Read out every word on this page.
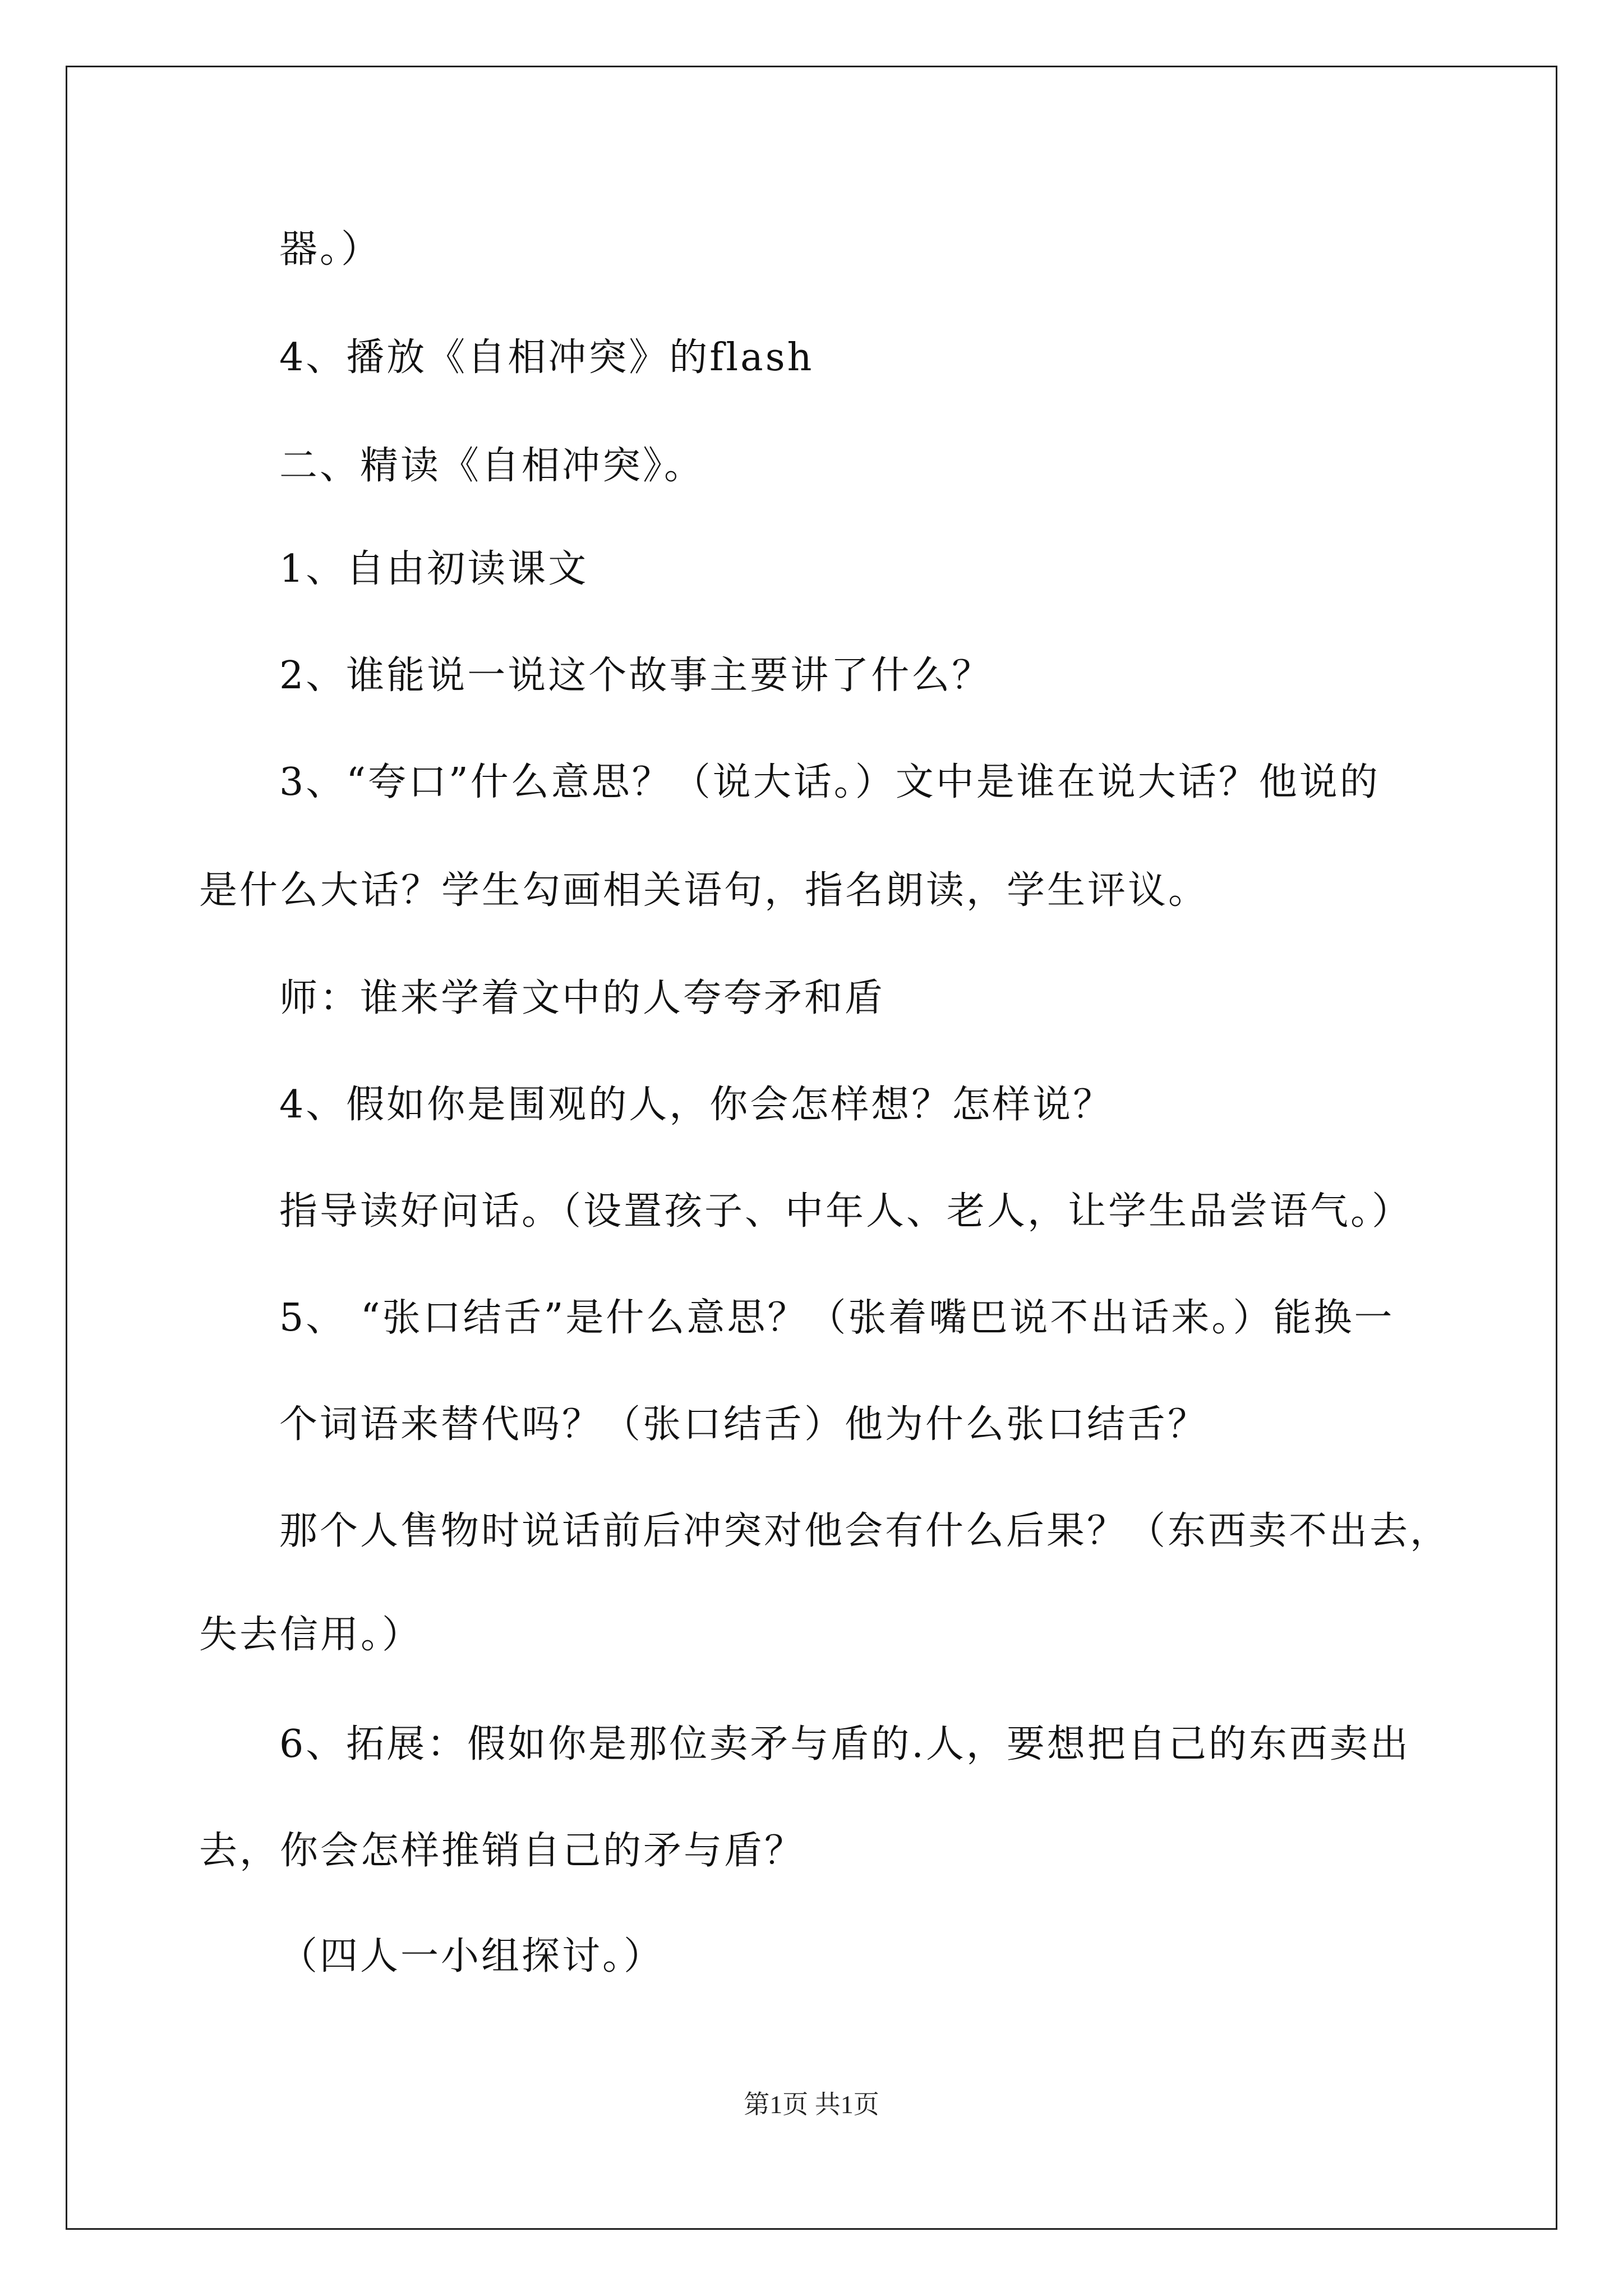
器。）
4、播放《自相冲突》的flash
二、精读《自相冲突》。
1、自由初读课文
2、谁能说一说这个故事主要讲了什么？
3、“夸口”什么意思？（说大话。）文中是谁在说大话？他说的
是什么大话？学生勾画相关语句，指名朗读，学生评议。
师：谁来学着文中的人夸夸矛和盾
4、假如你是围观的人，你会怎样想？怎样说？
指导读好问话。（设置孩子、中年人、老人，让学生品尝语气。）
5、 “张口结舌”是什么意思？（张着嘴巴说不出话来。）能换一
个词语来替代吗？（张口结舌）他为什么张口结舌？
那个人售物时说话前后冲突对他会有什么后果？（东西卖不出去，
失去信用。）
6、拓展：假如你是那位卖矛与盾的.人，要想把自己的东西卖出
去，你会怎样推销自己的矛与盾？
（四人一小组探讨。）
第1页 共1页
